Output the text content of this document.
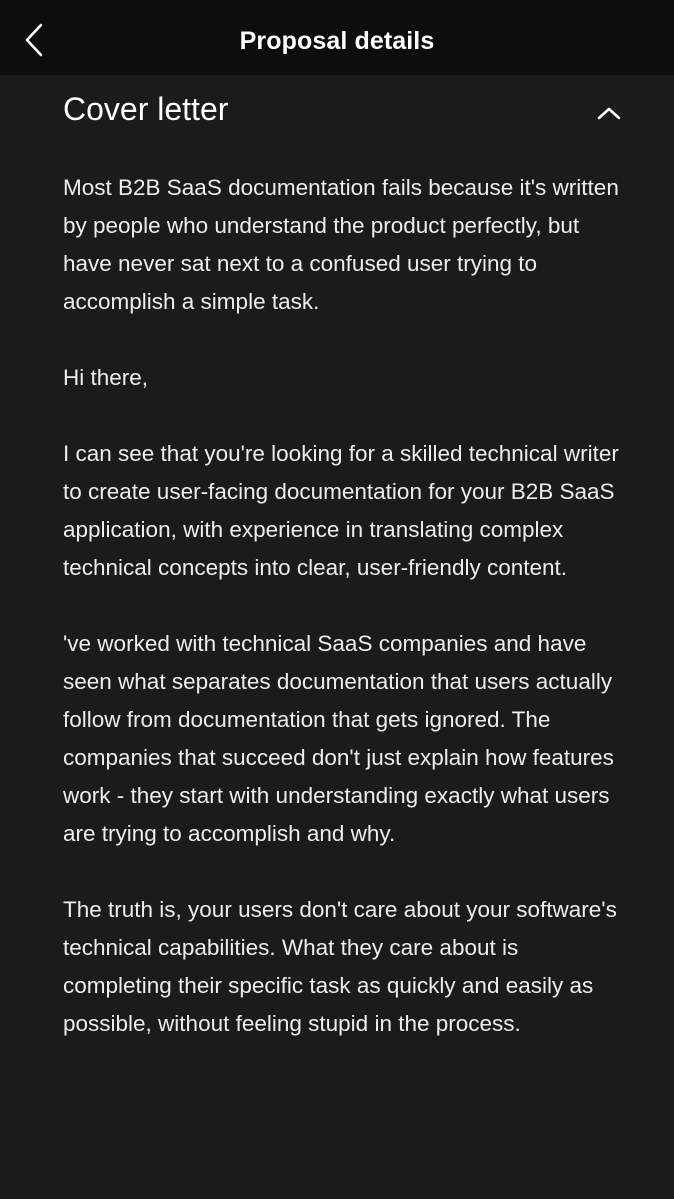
Proposal details
Cover letter

Most B2B SaaS documentation fails because it's written by people who understand the product perfectly, but have never sat next to a confused user trying to accomplish a simple task.

Hi there,

I can see that you're looking for a skilled technical writer to create user-facing documentation for your B2B SaaS application, with experience in translating complex technical concepts into clear, user-friendly content.

've worked with technical SaaS companies and have seen what separates documentation that users actually follow from documentation that gets ignored. The companies that succeed don't just explain how features work - they start with understanding exactly what users are trying to accomplish and why.

The truth is, your users don't care about your software's technical capabilities. What they care about is completing their specific task as quickly and easily as possible, without feeling stupid in the process.
